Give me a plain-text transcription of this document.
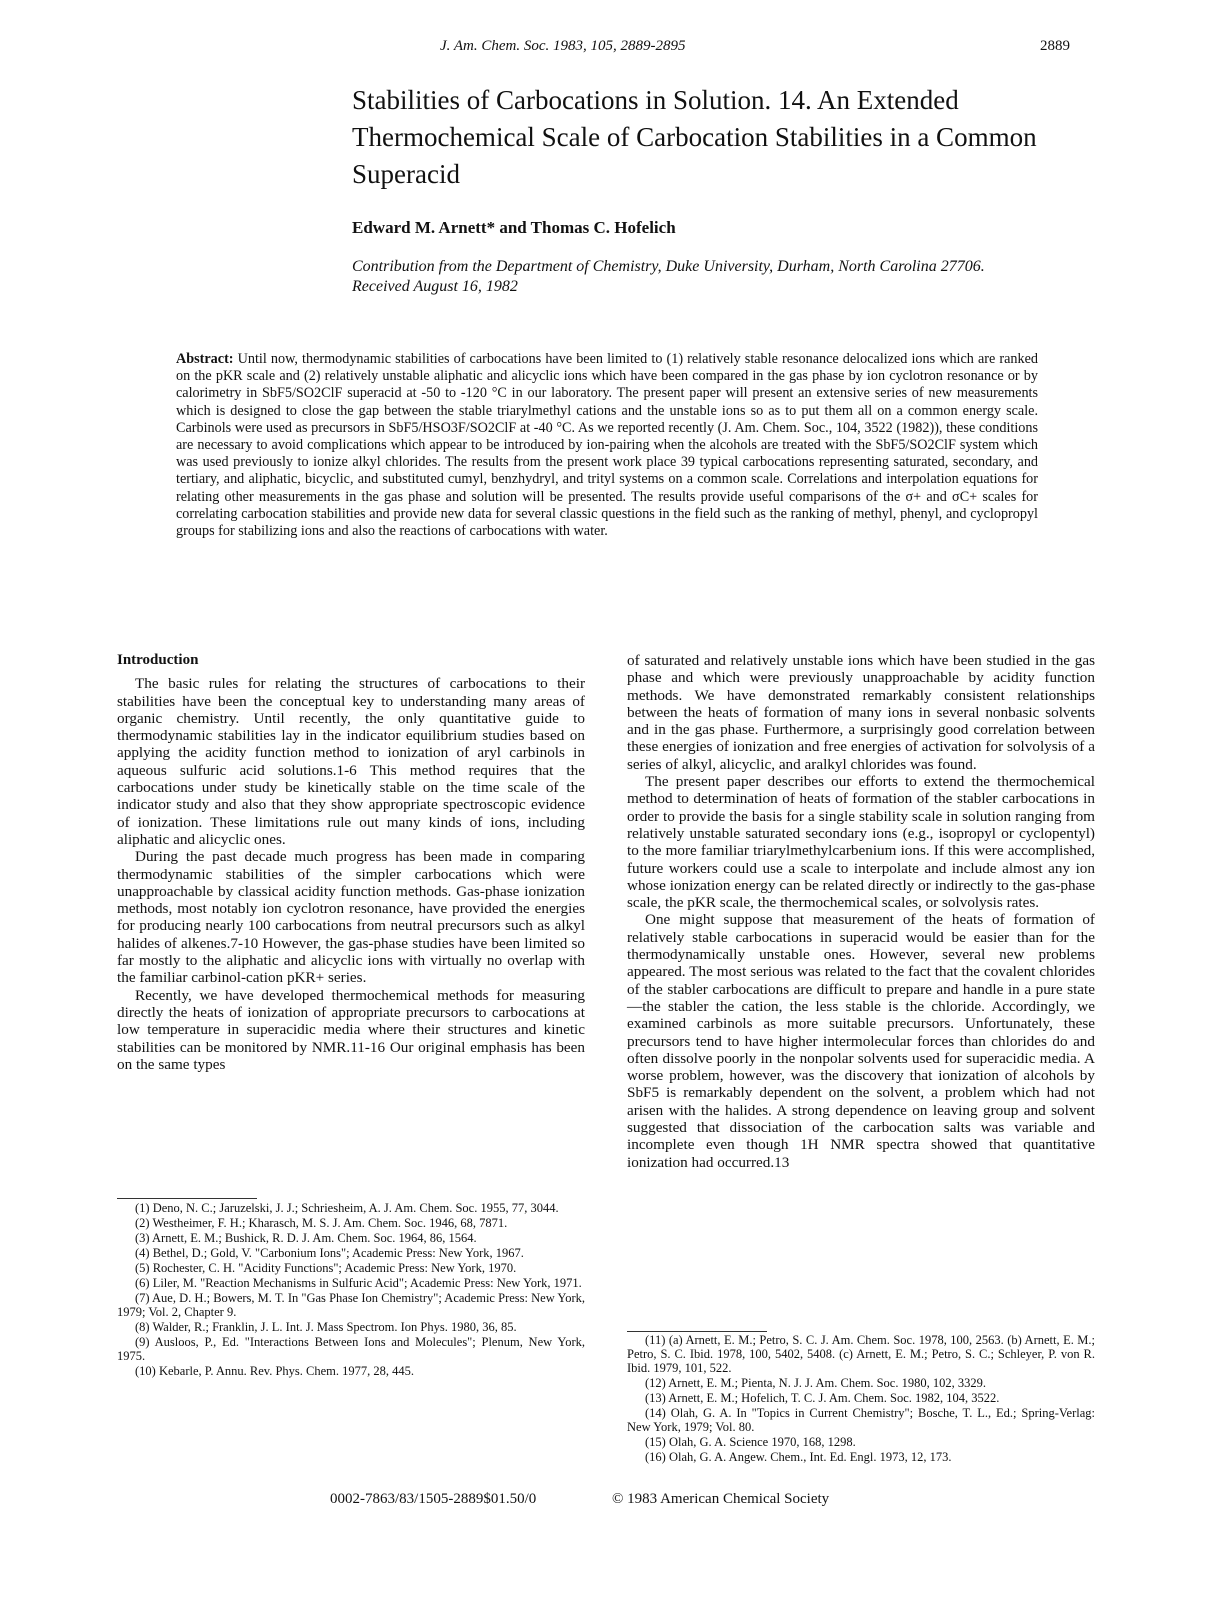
J. Am. Chem. Soc. 1983, 105, 2889-2895	2889
Stabilities of Carbocations in Solution. 14. An Extended Thermochemical Scale of Carbocation Stabilities in a Common Superacid
Edward M. Arnett* and Thomas C. Hofelich
Contribution from the Department of Chemistry, Duke University, Durham, North Carolina 27706. Received August 16, 1982
Abstract: Until now, thermodynamic stabilities of carbocations have been limited to (1) relatively stable resonance delocalized ions which are ranked on the pKR scale and (2) relatively unstable aliphatic and alicyclic ions which have been compared in the gas phase by ion cyclotron resonance or by calorimetry in SbF5/SO2ClF superacid at -50 to -120 °C in our laboratory. The present paper will present an extensive series of new measurements which is designed to close the gap between the stable triarylmethyl cations and the unstable ions so as to put them all on a common energy scale. Carbinols were used as precursors in SbF5/HSO3F/SO2ClF at -40 °C. As we reported recently (J. Am. Chem. Soc., 104, 3522 (1982)), these conditions are necessary to avoid complications which appear to be introduced by ion-pairing when the alcohols are treated with the SbF5/SO2ClF system which was used previously to ionize alkyl chlorides. The results from the present work place 39 typical carbocations representing saturated, secondary, and tertiary, and aliphatic, bicyclic, and substituted cumyl, benzhydryl, and trityl systems on a common scale. Correlations and interpolation equations for relating other measurements in the gas phase and solution will be presented. The results provide useful comparisons of the σ+ and σC+ scales for correlating carbocation stabilities and provide new data for several classic questions in the field such as the ranking of methyl, phenyl, and cyclopropyl groups for stabilizing ions and also the reactions of carbocations with water.
Introduction

The basic rules for relating the structures of carbocations to their stabilities have been the conceptual key to understanding many areas of organic chemistry. Until recently, the only quantitative guide to thermodynamic stabilities lay in the indicator equilibrium studies based on applying the acidity function method to ionization of aryl carbinols in aqueous sulfuric acid solutions.1-6 This method requires that the carbocations under study be kinetically stable on the time scale of the indicator study and also that they show appropriate spectroscopic evidence of ionization. These limitations rule out many kinds of ions, including aliphatic and alicyclic ones.

During the past decade much progress has been made in comparing thermodynamic stabilities of the simpler carbocations which were unapproachable by classical acidity function methods. Gas-phase ionization methods, most notably ion cyclotron resonance, have provided the energies for producing nearly 100 carbocations from neutral precursors such as alkyl halides of alkenes.7-10 However, the gas-phase studies have been limited so far mostly to the aliphatic and alicyclic ions with virtually no overlap with the familiar carbinol-cation pKR+ series.

Recently, we have developed thermochemical methods for measuring directly the heats of ionization of appropriate precursors to carbocations at low temperature in superacidic media where their structures and kinetic stabilities can be monitored by NMR.11-16 Our original emphasis has been on the same types

of saturated and relatively unstable ions which have been studied in the gas phase and which were previously unapproachable by acidity function methods. We have demonstrated remarkably consistent relationships between the heats of formation of many ions in several nonbasic solvents and in the gas phase. Furthermore, a surprisingly good correlation between these energies of ionization and free energies of activation for solvolysis of a series of alkyl, alicyclic, and aralkyl chlorides was found.

The present paper describes our efforts to extend the thermochemical method to determination of heats of formation of the stabler carbocations in order to provide the basis for a single stability scale in solution ranging from relatively unstable saturated secondary ions (e.g., isopropyl or cyclopentyl) to the more familiar triarylmethylcarbenium ions. If this were accomplished, future workers could use a scale to interpolate and include almost any ion whose ionization energy can be related directly or indirectly to the gas-phase scale, the pKR scale, the thermochemical scales, or solvolysis rates.

One might suppose that measurement of the heats of formation of relatively stable carbocations in superacid would be easier than for the thermodynamically unstable ones. However, several new problems appeared. The most serious was related to the fact that the covalent chlorides of the stabler carbocations are difficult to prepare and handle in a pure state—the stabler the cation, the less stable is the chloride. Accordingly, we examined carbinols as more suitable precursors. Unfortunately, these precursors tend to have higher intermolecular forces than chlorides do and often dissolve poorly in the nonpolar solvents used for superacidic media. A worse problem, however, was the discovery that ionization of alcohols by SbF5 is remarkably dependent on the solvent, a problem which had not arisen with the halides. A strong dependence on leaving group and solvent suggested that dissociation of the carbocation salts was variable and incomplete even though 1H NMR spectra showed that quantitative ionization had occurred.13

(1) Deno, N. C.; Jaruzelski, J. J.; Schriesheim, A. J. Am. Chem. Soc. 1955, 77, 3044.
(2) Westheimer, F. H.; Kharasch, M. S. J. Am. Chem. Soc. 1946, 68, 7871.
(3) Arnett, E. M.; Bushick, R. D. J. Am. Chem. Soc. 1964, 86, 1564.
(4) Bethel, D.; Gold, V. "Carbonium Ions"; Academic Press: New York, 1967.
(5) Rochester, C. H. "Acidity Functions"; Academic Press: New York, 1970.
(6) Liler, M. "Reaction Mechanisms in Sulfuric Acid"; Academic Press: New York, 1971.
(7) Aue, D. H.; Bowers, M. T. In "Gas Phase Ion Chemistry"; Academic Press: New York, 1979; Vol. 2, Chapter 9.
(8) Walder, R.; Franklin, J. L. Int. J. Mass Spectrom. Ion Phys. 1980, 36, 85.
(9) Ausloos, P., Ed. "Interactions Between Ions and Molecules"; Plenum, New York, 1975.
(10) Kebarle, P. Annu. Rev. Phys. Chem. 1977, 28, 445.
(11) (a) Arnett, E. M.; Petro, S. C. J. Am. Chem. Soc. 1978, 100, 2563. (b) Arnett, E. M.; Petro, S. C. Ibid. 1978, 100, 5402, 5408. (c) Arnett, E. M.; Petro, S. C.; Schleyer, P. von R. Ibid. 1979, 101, 522.
(12) Arnett, E. M.; Pienta, N. J. J. Am. Chem. Soc. 1980, 102, 3329.
(13) Arnett, E. M.; Hofelich, T. C. J. Am. Chem. Soc. 1982, 104, 3522.
(14) Olah, G. A. In "Topics in Current Chemistry"; Bosche, T. L., Ed.; Spring-Verlag: New York, 1979; Vol. 80.
(15) Olah, G. A. Science 1970, 168, 1298.
(16) Olah, G. A. Angew. Chem., Int. Ed. Engl. 1973, 12, 173.
0002-7863/83/1505-2889$01.50/0	© 1983 American Chemical Society
